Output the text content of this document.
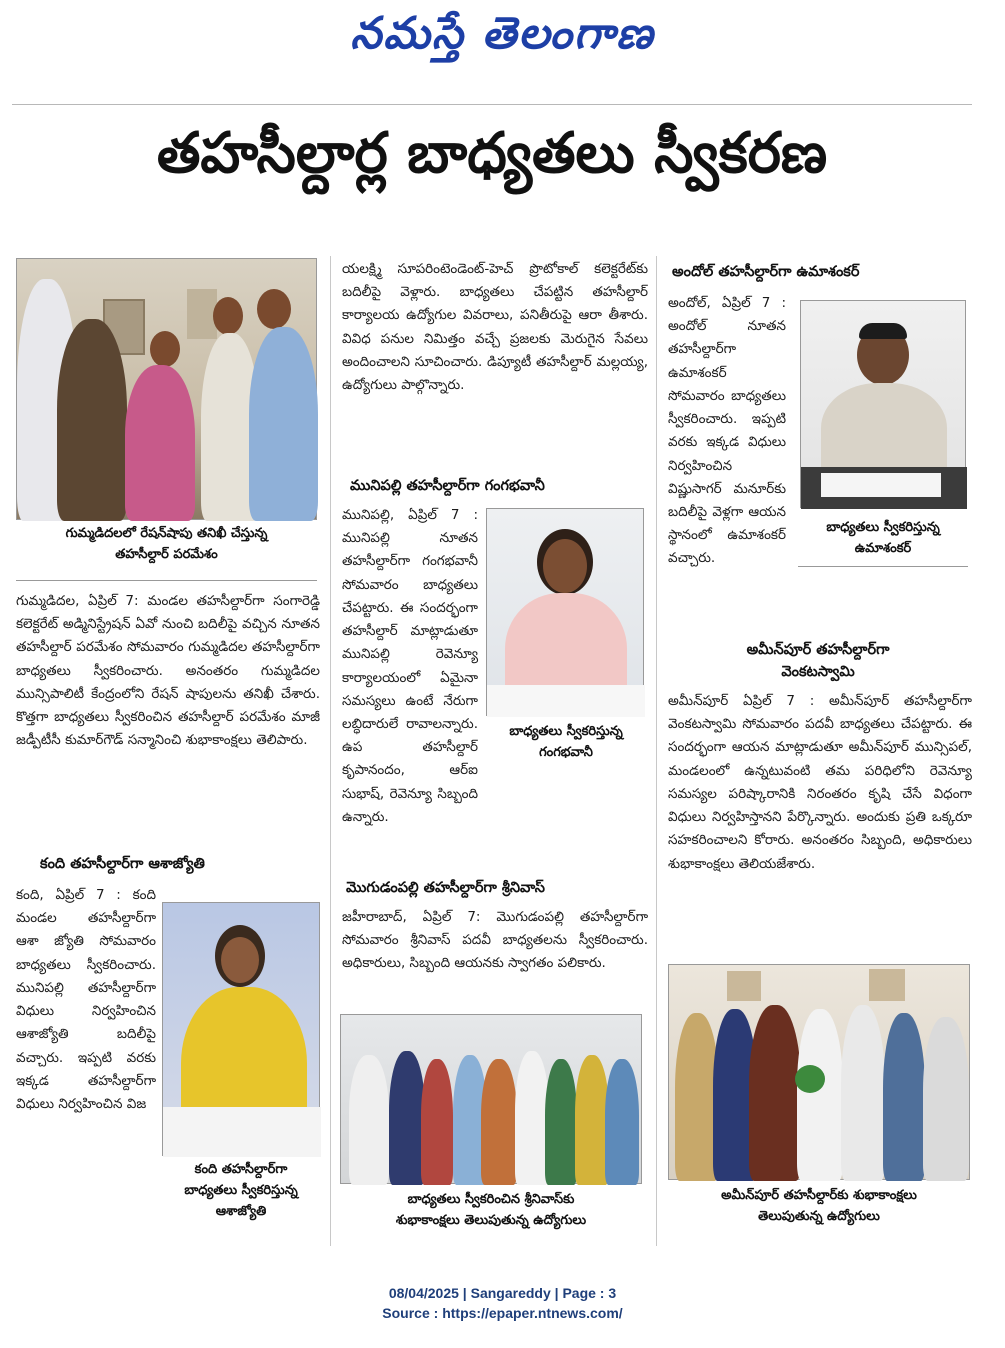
నమస్తే తెలంగాణ
తహసీల్దార్ల బాధ్యతలు స్వీకరణ
గుమ్మడిదలలో రేషన్‌షాపు తనిఖీ చేస్తున్న
తహసీల్దార్ పరమేశం
గుమ్మడిదల, ఏప్రిల్ 7: మండల తహసీల్దార్‌గా సంగారెడ్డి కలెక్టరేట్ అడ్మినిస్ట్రేషన్ ఏవో నుంచి బదిలీపై వచ్చిన నూతన తహసీల్దార్ పరమేశం సోమవారం గుమ్మడిదల తహసీల్దార్‌గా బాధ్యతలు స్వీకరించారు. అనంతరం గుమ్మడిదల మున్సిపాలిటీ కేంద్రంలోని రేషన్ షాపులను తనిఖీ చేశారు. కొత్తగా బాధ్యతలు స్వీకరించిన తహసీల్దార్ పరమేశం మాజీ జడ్పీటీసీ కుమార్‌గౌడ్ సన్మానించి శుభాకాంక్షలు తెలిపారు.
కంది తహసీల్దార్‌గా ఆశాజ్యోతి
కంది, ఏప్రిల్ 7 : కంది మండల తహసీల్దార్‌గా ఆశా జ్యోతి సోమవారం బాధ్యతలు స్వీకరించారు. మునిపల్లి తహసీల్దార్‌గా విధులు నిర్వహించిన ఆశాజ్యోతి బదిలీపై వచ్చారు. ఇప్పటి వరకు ఇక్కడ తహసీల్దార్‌గా విధులు నిర్వహించిన విజ
కంది తహసీల్దార్‌గా
బాధ్యతలు స్వీకరిస్తున్న
ఆశాజ్యోతి
యలక్ష్మి సూపరింటెండెంట్-హెచ్ ప్రొటోకాల్ కలెక్టరేట్‌కు బదిలీపై వెళ్లారు. బాధ్యతలు చేపట్టిన తహసీల్దార్ కార్యాలయ ఉద్యోగుల వివరాలు, పనితీరుపై ఆరా తీశారు. వివిధ పనుల నిమిత్తం వచ్చే ప్రజలకు మెరుగైన సేవలు అందించాలని సూచించారు. డిప్యూటీ తహసీల్దార్ మల్లయ్య, ఉద్యోగులు పాల్గొన్నారు.
మునిపల్లి తహసీల్దార్‌గా గంగభవానీ
మునిపల్లి, ఏప్రిల్ 7 : మునిపల్లి నూతన తహసీల్దార్‌గా గంగభవానీ సోమవారం బాధ్యతలు చేపట్టారు. ఈ సందర్భంగా తహసీల్దార్ మాట్లాడుతూ మునిపల్లి రెవెన్యూ కార్యాలయంలో ఏమైనా సమస్యలు ఉంటే నేరుగా లబ్ధిదారులే రావాలన్నారు. ఉప తహసీల్దార్ కృపానందం, ఆర్ఐ సుభాష్, రెవెన్యూ సిబ్బంది ఉన్నారు.
బాధ్యతలు స్వీకరిస్తున్న
గంగభవానీ
మొగుడంపల్లి తహసీల్దార్‌గా శ్రీనివాస్
జహీరాబాద్, ఏప్రిల్ 7: మొగుడంపల్లి తహసీల్దార్‌గా సోమవారం శ్రీనివాస్ పదవీ బాధ్యతలను స్వీకరించారు. అధికారులు, సిబ్బంది ఆయనకు స్వాగతం పలికారు.
బాధ్యతలు స్వీకరించిన శ్రీనివాస్‌కు
శుభాకాంక్షలు తెలుపుతున్న ఉద్యోగులు
అందోల్ తహసీల్దార్‌గా ఉమాశంకర్
అందోల్, ఏప్రిల్ 7 : అందోల్ నూతన తహసీల్దార్‌గా ఉమాశంకర్ సోమవారం బాధ్యతలు స్వీకరించారు. ఇప్పటి వరకు ఇక్కడ విధులు నిర్వహించిన విష్ణుసాగర్ మనూర్‌కు బదిలీపై వెళ్లగా ఆయన స్థానంలో ఉమాశంకర్ వచ్చారు.
బాధ్యతలు స్వీకరిస్తున్న
ఉమాశంకర్
అమీన్‌పూర్ తహసీల్దార్‌గా
వెంకటస్వామి
అమీన్‌పూర్ ఏప్రిల్ 7 : అమీన్‌పూర్ తహసీల్దార్‌గా వెంకటస్వామి సోమవారం పదవీ బాధ్యతలు చేపట్టారు. ఈ సందర్భంగా ఆయన మాట్లాడుతూ అమీన్‌పూర్ మున్సిపల్, మండలంలో ఉన్నటువంటి తమ పరిధిలోని రెవెన్యూ సమస్యల పరిష్కారానికి నిరంతరం కృషి చేసే విధంగా విధులు నిర్వహిస్తానని పేర్కొన్నారు. అందుకు ప్రతి ఒక్కరూ సహకరించాలని కోరారు. అనంతరం సిబ్బంది, అధికారులు శుభాకాంక్షలు తెలియజేశారు.
అమీన్‌పూర్ తహసీల్దార్‌కు శుభాకాంక్షలు
తెలుపుతున్న ఉద్యోగులు
08/04/2025 | Sangareddy | Page : 3
Source : https://epaper.ntnews.com/
